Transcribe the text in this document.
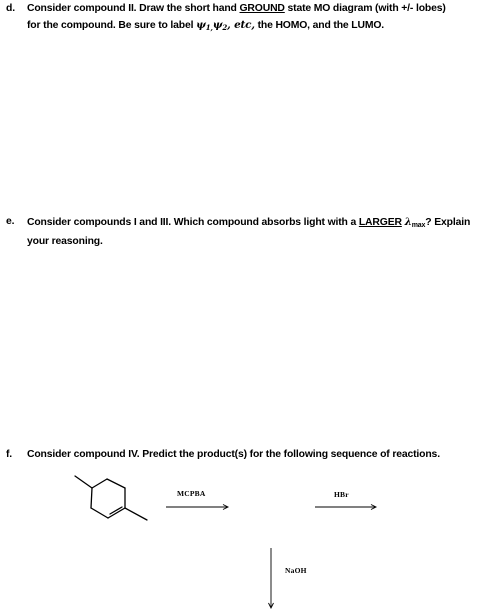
d. Consider compound II. Draw the short hand GROUND state MO diagram (with +/- lobes)
for the compound. Be sure to label $\psi_{1,}\psi_2$, etc, the HOMO, and the LUMO.
e. Consider compounds I and III. Which compound absorbs light with a LARGER $\lambda_{max}$? Explain
your reasoning.
f. Consider compound IV. Predict the product(s) for the following sequence of reactions.
MCPBA	HBr
NaOH
